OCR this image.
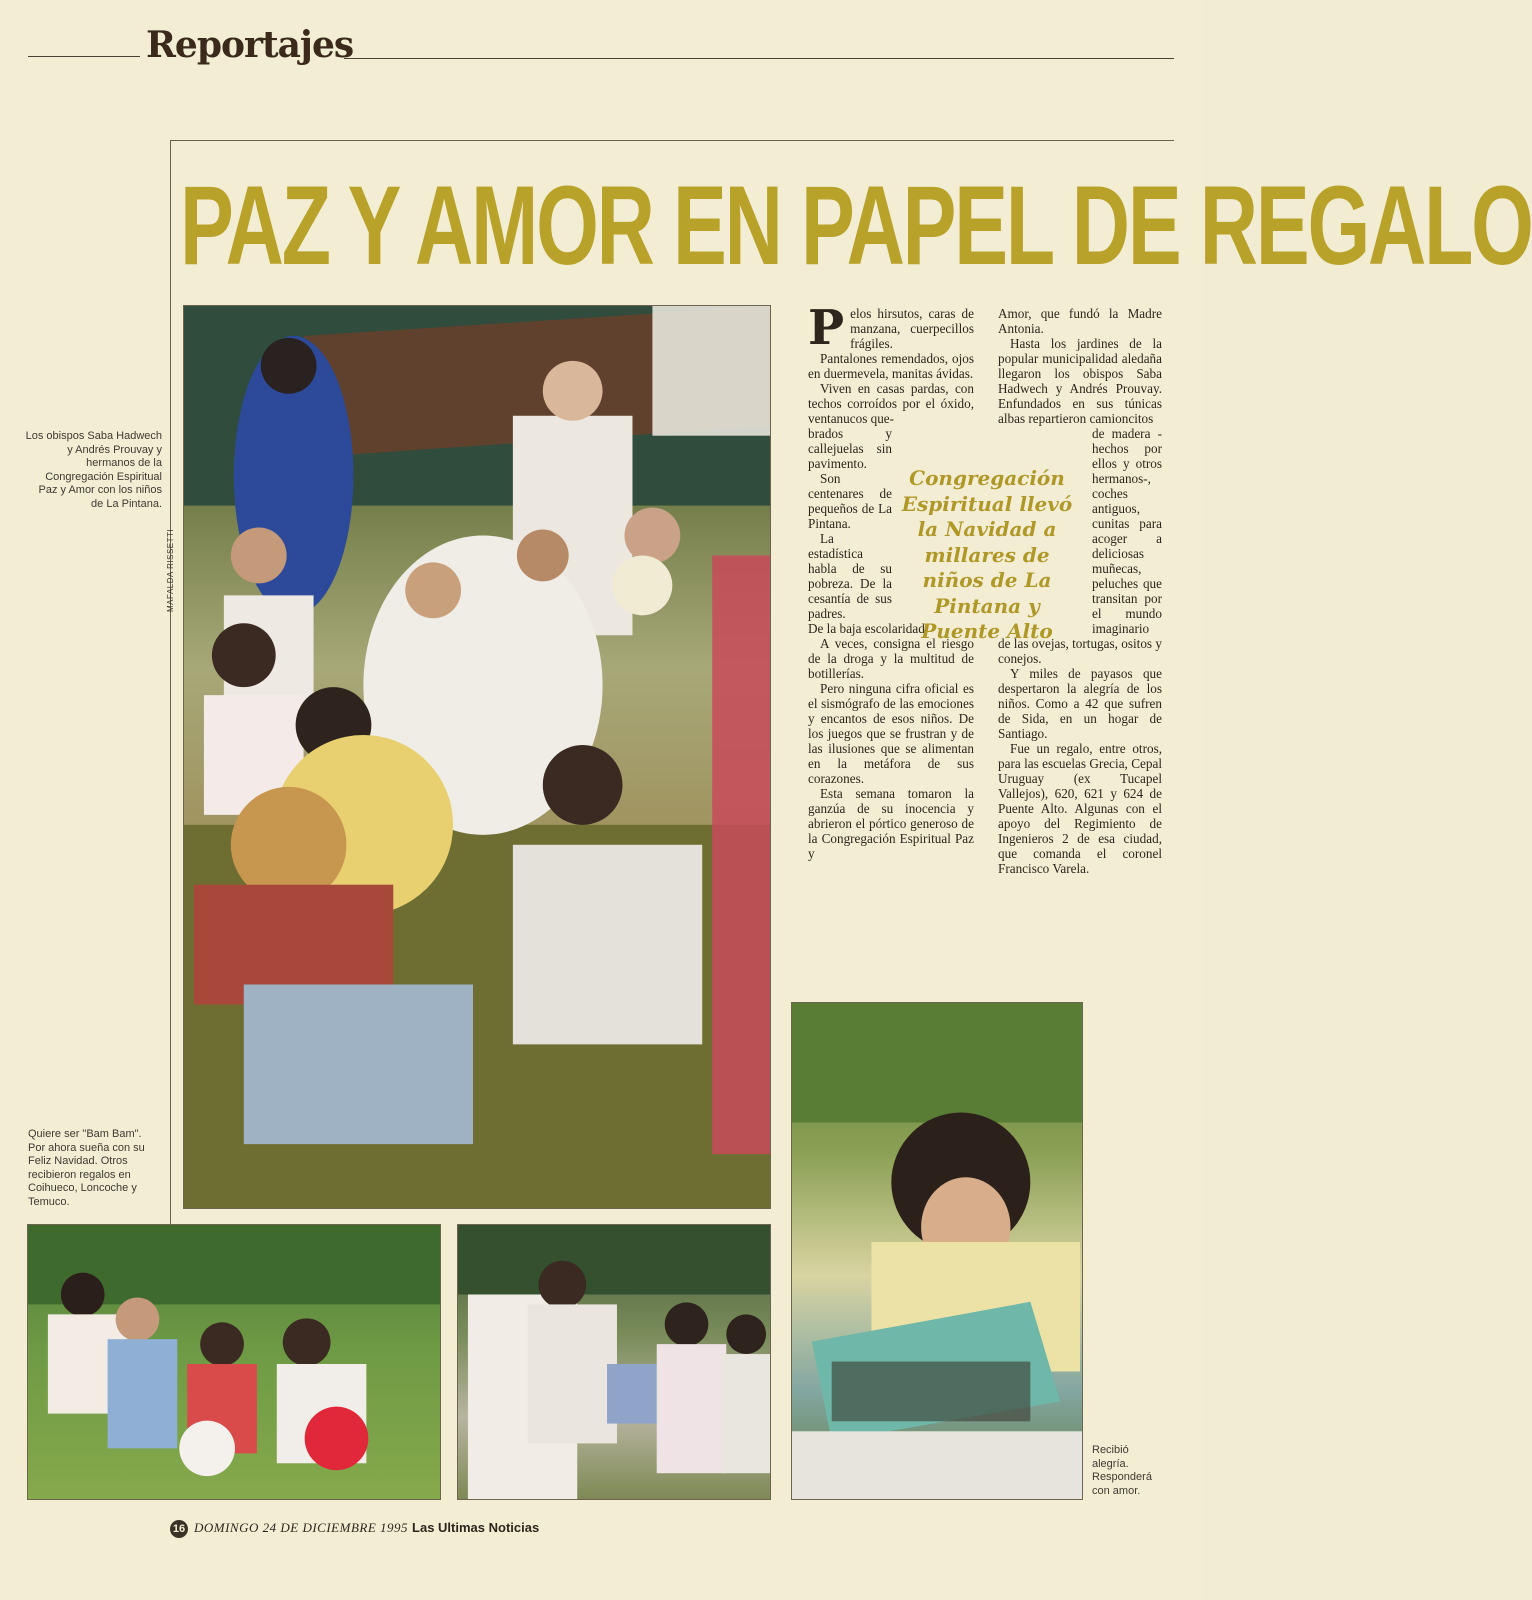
Reportajes
PAZ Y AMOR EN PAPEL DE REGALO
MAFALDA RISSETTI
Los obispos Saba Hadwech y Andrés Prouvay y hermanos de la Congregación Espiritual Paz y Amor con los niños de La Pintana.
Quiere ser "Bam Bam". Por ahora sueña con su Feliz Navidad. Otros recibieron regalos en Coihueco, Loncoche y Temuco.
Recibió alegría. Responderá con amor.

Pelos hirsutos, caras de manzana, cuerpecillos frágiles.

Pantalones remendados, ojos en duermevela, manitas ávidas.

Viven en casas pardas, con techos corroídos por el óxido, ventanucos que-

brados y callejuelas sin pavimento.

Son centenares de pequeños de La Pintana.

La estadística habla de su pobreza. De la cesantía de sus padres.

De la baja escolaridad.

A veces, consigna el riesgo de la droga y la multitud de botillerías.

Pero ninguna cifra oficial es el sismógrafo de las emociones y encantos de esos niños. De los juegos que se frustran y de las ilusiones que se alimentan en la metáfora de sus corazones.

Esta semana tomaron la ganzúa de su inocencia y abrieron el pórtico generoso de la Congregación Espiritual Paz y

Amor, que fundó la Madre Antonia.

Hasta los jardines de la popular municipalidad aledaña llegaron los obispos Saba Hadwech y Andrés Prouvay. Enfundados en sus túnicas albas repartieron camioncitos

de madera -hechos por ellos y otros hermanos-, coches antiguos, cunitas para acoger a deliciosas muñecas, peluches que transitan por el mundo imaginario

de las ovejas, tortugas, ositos y conejos.

Y miles de payasos que despertaron la alegría de los niños. Como a 42 que sufren de Sida, en un hogar de Santiago.

Fue un regalo, entre otros, para las escuelas Grecia, Cepal Uruguay (ex Tucapel Vallejos), 620, 621 y 624 de Puente Alto. Algunas con el apoyo del Regimiento de Ingenieros 2 de esa ciudad, que comanda el coronel Francisco Varela.

Congregación Espiritual llevó la Navidad a millares de niños de La Pintana y Puente Alto
16 DOMINGO 24 DE DICIEMBRE 1995 Las Ultimas Noticias
